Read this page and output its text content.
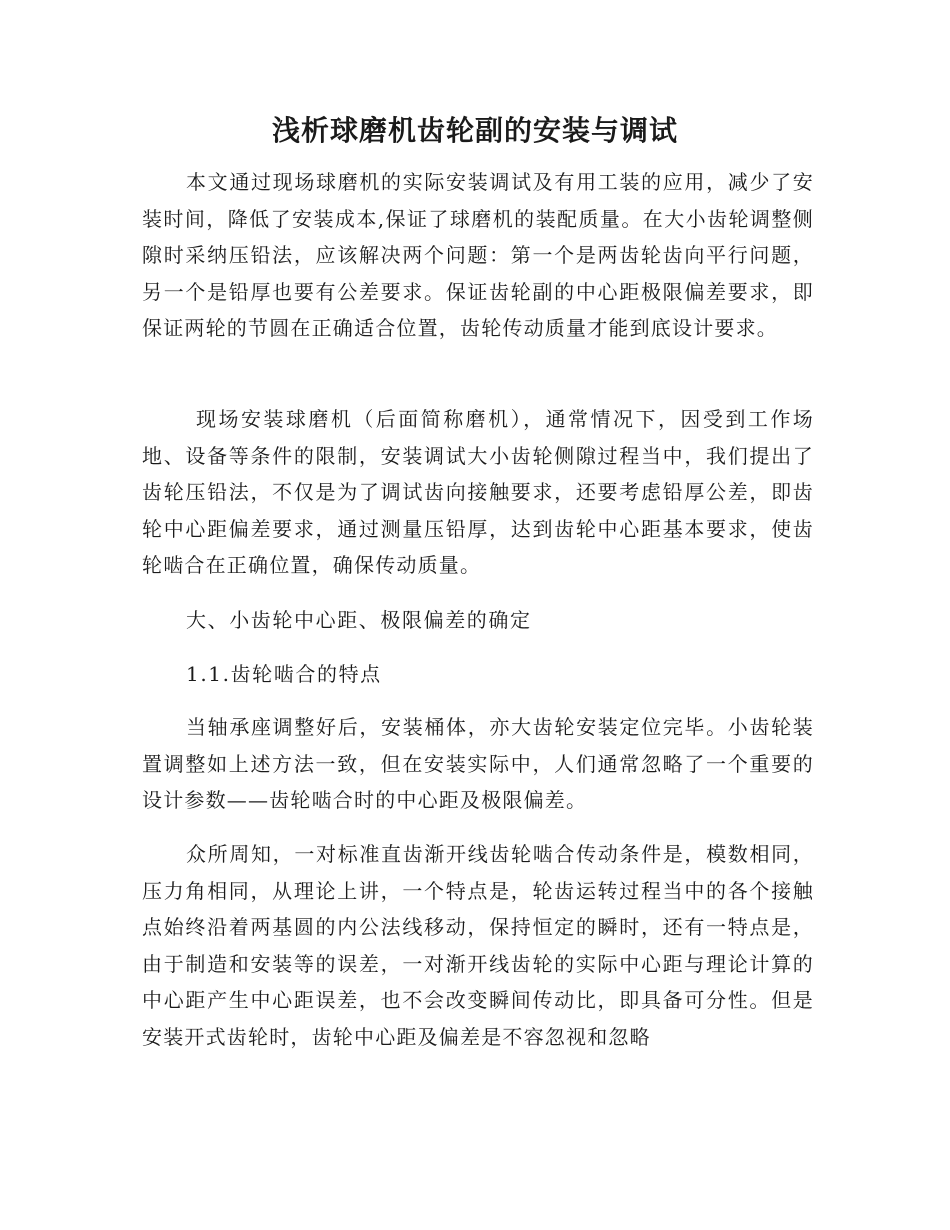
浅析球磨机齿轮副的安装与调试

本文通过现场球磨机的实际安装调试及有用工装的应用，减少了安装时间，降低了安装成本,保证了球磨机的装配质量。在大小齿轮调整侧隙时采纳压铅法，应该解决两个问题：第一个是两齿轮齿向平行问题，另一个是铅厚也要有公差要求。保证齿轮副的中心距极限偏差要求，即保证两轮的节圆在正确适合位置，齿轮传动质量才能到底设计要求。

现场安装球磨机（后面简称磨机），通常情况下，因受到工作场地、设备等条件的限制，安装调试大小齿轮侧隙过程当中，我们提出了齿轮压铅法，不仅是为了调试齿向接触要求，还要考虑铅厚公差，即齿轮中心距偏差要求，通过测量压铅厚，达到齿轮中心距基本要求，使齿轮啮合在正确位置，确保传动质量。

大、小齿轮中心距、极限偏差的确定

1.1.齿轮啮合的特点

当轴承座调整好后，安装桶体，亦大齿轮安装定位完毕。小齿轮装置调整如上述方法一致，但在安装实际中，人们通常忽略了一个重要的设计参数——齿轮啮合时的中心距及极限偏差。

众所周知，一对标准直齿渐开线齿轮啮合传动条件是，模数相同，压力角相同，从理论上讲，一个特点是，轮齿运转过程当中的各个接触点始终沿着两基圆的内公法线移动，保持恒定的瞬时，还有一特点是，由于制造和安装等的误差，一对渐开线齿轮的实际中心距与理论计算的中心距产生中心距误差，也不会改变瞬间传动比，即具备可分性。但是安装开式齿轮时，齿轮中心距及偏差是不容忽视和忽略
